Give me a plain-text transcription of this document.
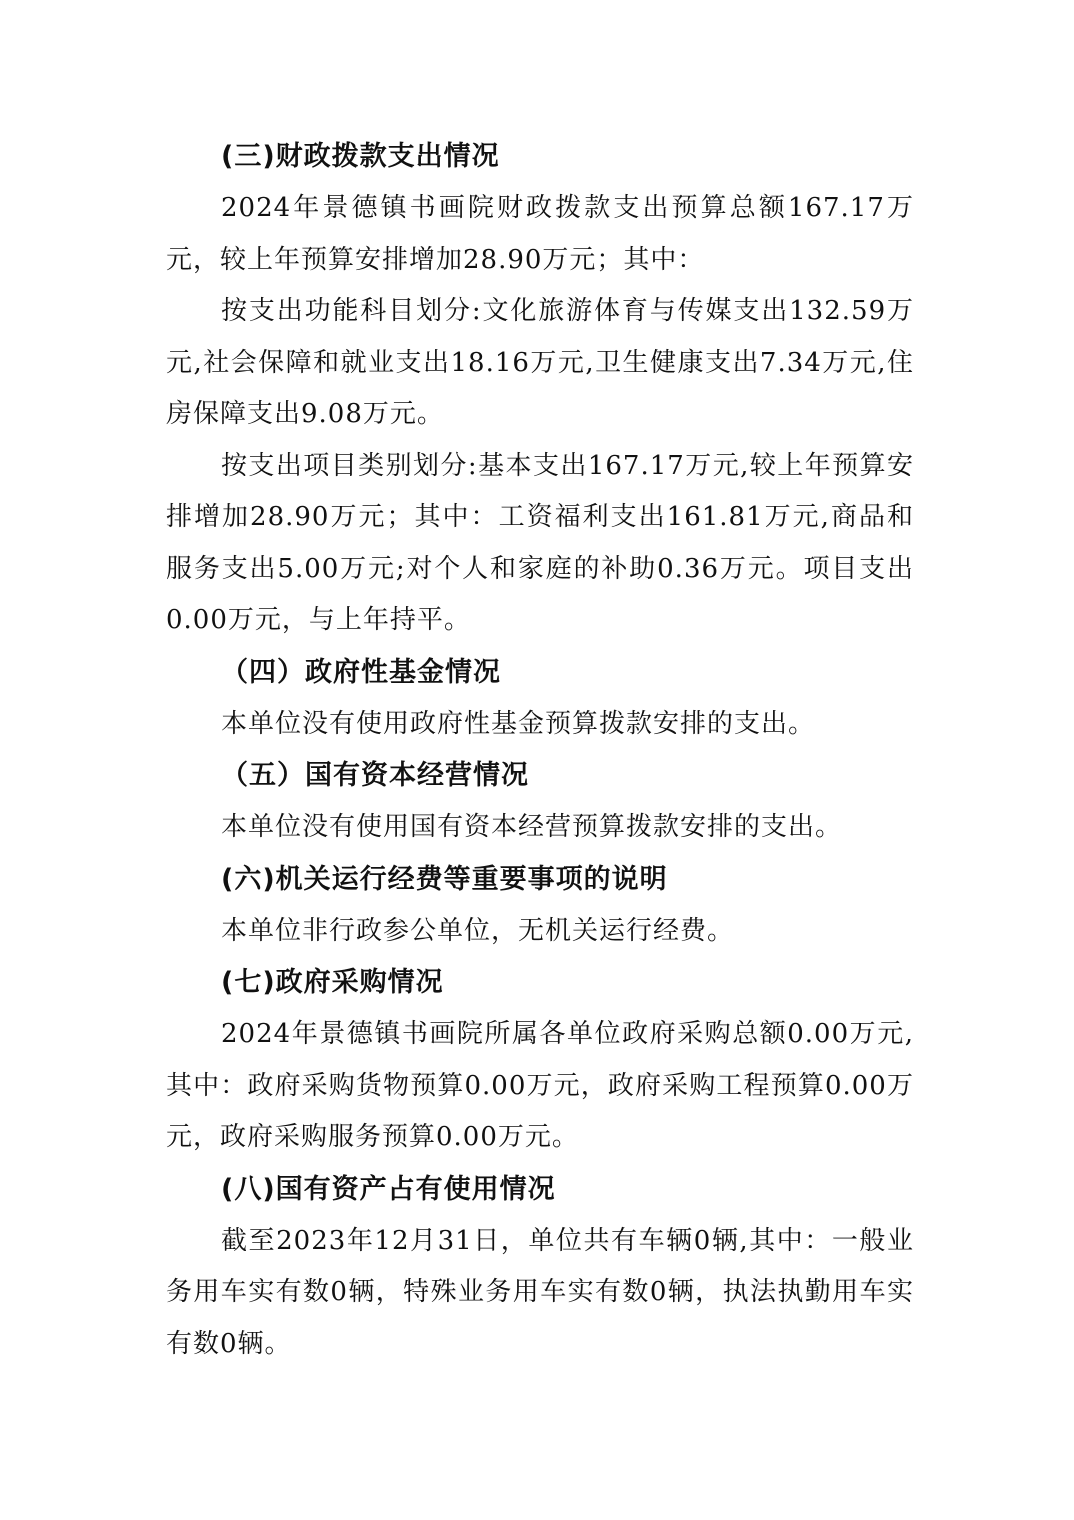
(三)财政拨款支出情况

2024年景德镇书画院财政拨款支出预算总额167.17万元，较上年预算安排增加28.90万元；其中：

按支出功能科目划分:文化旅游体育与传媒支出132.59万元,社会保障和就业支出18.16万元,卫生健康支出7.34万元,住房保障支出9.08万元。

按支出项目类别划分:基本支出167.17万元,较上年预算安排增加28.90万元；其中：工资福利支出161.81万元,商品和服务支出5.00万元;对个人和家庭的补助0.36万元。项目支出0.00万元，与上年持平。

（四）政府性基金情况

本单位没有使用政府性基金预算拨款安排的支出。

（五）国有资本经营情况

本单位没有使用国有资本经营预算拨款安排的支出。

(六)机关运行经费等重要事项的说明

本单位非行政参公单位，无机关运行经费。

(七)政府采购情况

2024年景德镇书画院所属各单位政府采购总额0.00万元,其中：政府采购货物预算0.00万元，政府采购工程预算0.00万元，政府采购服务预算0.00万元。

(八)国有资产占有使用情况

截至2023年12月31日，单位共有车辆0辆,其中：一般业务用车实有数0辆，特殊业务用车实有数0辆，执法执勤用车实有数0辆。
